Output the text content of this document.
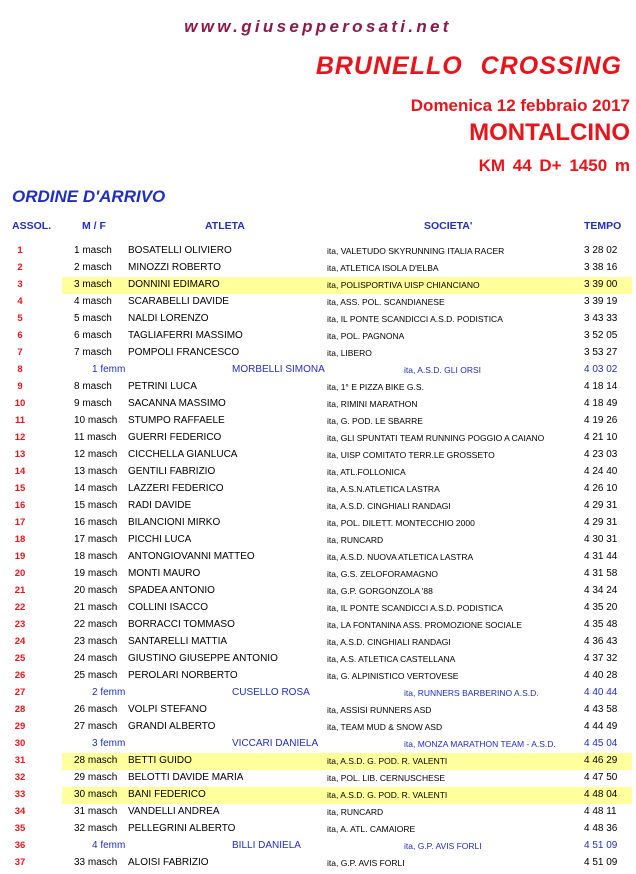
www.giusepperosati.net
BRUNELLO CROSSING
Domenica 12 febbraio 2017
MONTALCINO
KM 44 D+ 1450 m
ORDINE D'ARRIVO
ASSOL.	M / F	ATLETA	SOCIETA'	TEMPO
1	1 masch BOSATELLI OLIVIERO	ita, VALETUDO SKYRUNNING ITALIA RACER	3 28 02
2	2 masch MINOZZI ROBERTO	ita, ATLETICA ISOLA D'ELBA	3 38 16
3	3 masch DONNINI EDIMARO	ita, POLISPORTIVA UISP CHIANCIANO	3 39 00
4	4 masch SCARABELLI DAVIDE	ita, ASS. POL. SCANDIANESE	3 39 19
5	5 masch NALDI LORENZO	ita, IL PONTE SCANDICCI A.S.D. PODISTICA	3 43 33
6	6 masch TAGLIAFERRI MASSIMO	ita, POL. PAGNONA	3 52 05
7	7 masch POMPOLI FRANCESCO	ita, LIBERO	3 53 27
8	1 femm	MORBELLI SIMONA	ita, A.S.D. GLI ORSI	4 03 02
9	8 masch PETRINI LUCA	ita, 1° E PIZZA BIKE G.S.	4 18 14
10	9 masch SACANNA MASSIMO	ita, RIMINI MARATHON	4 18 49
11	10 masch STUMPO RAFFAELE	ita, G. POD. LE SBARRE	4 19 26
12	11 masch GUERRI FEDERICO	ita, GLI SPUNTATI TEAM RUNNING POGGIO A CAIANO	4 21 10
13	12 masch CICCHELLA GIANLUCA	ita, UISP COMITATO TERR.LE GROSSETO	4 23 03
14	13 masch GENTILI FABRIZIO	ita, ATL.FOLLONICA	4 24 40
15	14 masch LAZZERI FEDERICO	ita, A.S.N.ATLETICA LASTRA	4 26 10
16	15 masch RADI DAVIDE	ita, A.S.D. CINGHIALI RANDAGI	4 29 31
17	16 masch BILANCIONI MIRKO	ita, POL. DILETT. MONTECCHIO 2000	4 29 31
18	17 masch PICCHI LUCA	ita, RUNCARD	4 30 31
19	18 masch ANTONGIOVANNI MATTEO	ita, A.S.D. NUOVA ATLETICA LASTRA	4 31 44
20	19 masch MONTI MAURO	ita, G.S. ZELOFORAMAGNO	4 31 58
21	20 masch SPADEA ANTONIO	ita, G.P. GORGONZOLA '88	4 34 24
22	21 masch COLLINI ISACCO	ita, IL PONTE SCANDICCI A.S.D. PODISTICA	4 35 20
23	22 masch BORRACCI TOMMASO	ita, LA FONTANINA ASS. PROMOZIONE SOCIALE	4 35 48
24	23 masch SANTARELLI MATTIA	ita, A.S.D. CINGHIALI RANDAGI	4 36 43
25	24 masch GIUSTINO GIUSEPPE ANTONIO	ita, A.S. ATLETICA CASTELLANA	4 37 32
26	25 masch PEROLARI NORBERTO	ita, G. ALPINISTICO VERTOVESE	4 40 28
27	2 femm	CUSELLO ROSA	ita, RUNNERS BARBERINO A.S.D.	4 40 44
28	26 masch VOLPI STEFANO	ita, ASSISI RUNNERS ASD	4 43 58
29	27 masch GRANDI ALBERTO	ita, TEAM MUD & SNOW ASD	4 44 49
30	3 femm	VICCARI DANIELA	ita, MONZA MARATHON TEAM - A.S.D.	4 45 04
31	28 masch BETTI GUIDO	ita, A.S.D. G. POD. R. VALENTI	4 46 29
32	29 masch BELOTTI DAVIDE MARIA	ita, POL. LIB. CERNUSCHESE	4 47 50
33	30 masch BANI FEDERICO	ita, A.S.D. G. POD. R. VALENTI	4 48 04
34	31 masch VANDELLI ANDREA	ita, RUNCARD	4 48 11
35	32 masch PELLEGRINI ALBERTO	ita, A. ATL. CAMAIORE	4 48 36
36	4 femm	BILLI DANIELA	ita, G.P. AVIS FORLI	4 51 09
37	33 masch ALOISI FABRIZIO	ita, G.P. AVIS FORLI	4 51 09
